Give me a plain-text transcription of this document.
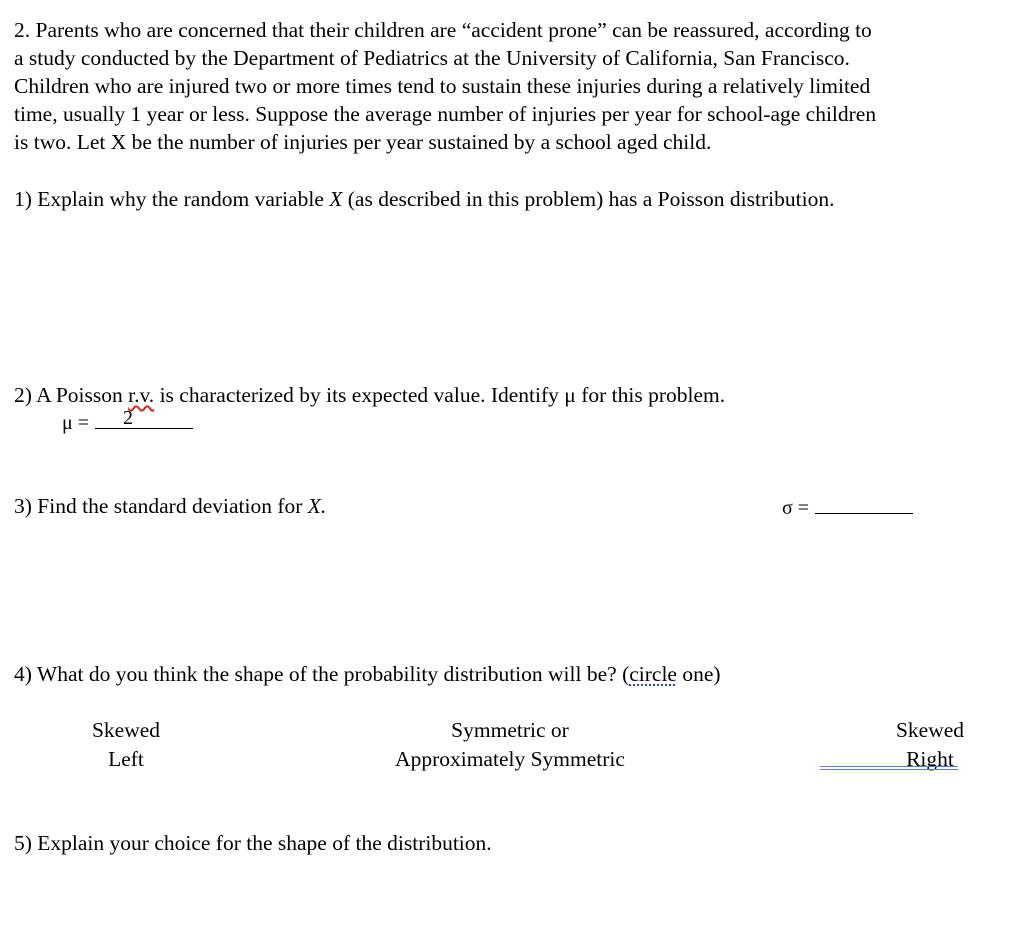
2. Parents who are concerned that their children are “accident prone” can be reassured, according to
a study conducted by the Department of Pediatrics at the University of California, San Francisco.
Children who are injured two or more times tend to sustain these injuries during a relatively limited
time, usually 1 year or less. Suppose the average number of injuries per year for school-age children
is two. Let X be the number of injuries per year sustained by a school aged child.
1) Explain why the random variable X (as described in this problem) has a Poisson distribution.
2) A Poisson r.v. is characterized by its expected value. Identify μ for this problem.
μ = 2
3) Find the standard deviation for X.	σ =
4) What do you think the shape of the probability distribution will be? (circle one)
Skewed
Left
Symmetric or
Approximately Symmetric
Skewed
Right
5) Explain your choice for the shape of the distribution.
